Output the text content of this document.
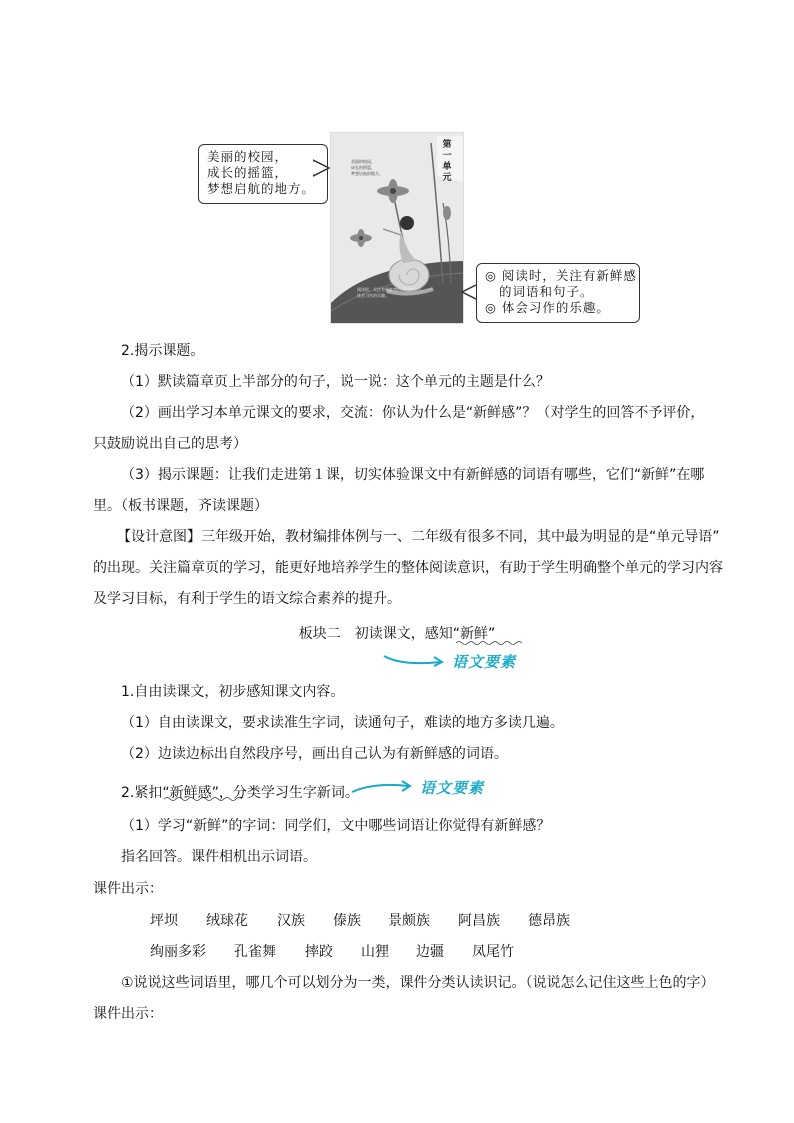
美丽的校园，
成长的摇篮，
梦想启航的地方。
美丽的校园，
成长的摇篮，
梦想启航的地方。
阅读时，关注有新鲜感的词语和句子。
体会习作的乐趣。
第一单元
◎ 阅读时，关注有新鲜感
的词语和句子。
◎ 体会习作的乐趣。
2.揭示课题。
（1）默读篇章页上半部分的句子，说一说：这个单元的主题是什么？
（2）画出学习本单元课文的要求，交流：你认为什么是“新鲜感”？（对学生的回答不予评价，
只鼓励说出自己的思考）
（3）揭示课题：让我们走进第１课，切实体验课文中有新鲜感的词语有哪些，它们“新鲜”在哪
里。（板书课题，齐读课题）
【设计意图】三年级开始，教材编排体例与一、二年级有很多不同，其中最为明显的是“单元导语”
的出现。关注篇章页的学习，能更好地培养学生的整体阅读意识，有助于学生明确整个单元的学习内容
及学习目标，有利于学生的语文综合素养的提升。
板块二　初读课文，感知“新鲜”
语文要素
1.自由读课文，初步感知课文内容。
（1）自由读课文，要求读准生字词，读通句子，难读的地方多读几遍。
（2）边读边标出自然段序号，画出自己认为有新鲜感的词语。
2.紧扣“新鲜感”，分类学习生字新词。	语文要素
（1）学习“新鲜”的字词：同学们，文中哪些词语让你觉得有新鲜感？
指名回答。课件相机出示词语。
课件出示：
坪坝 绒球花 汉族 傣族 景颇族 阿昌族 德昂族
绚丽多彩 孔雀舞 摔跤 山狸 边疆 凤尾竹
①说说这些词语里，哪几个可以划分为一类，课件分类认读识记。（说说怎么记住这些上色的字）
课件出示：
